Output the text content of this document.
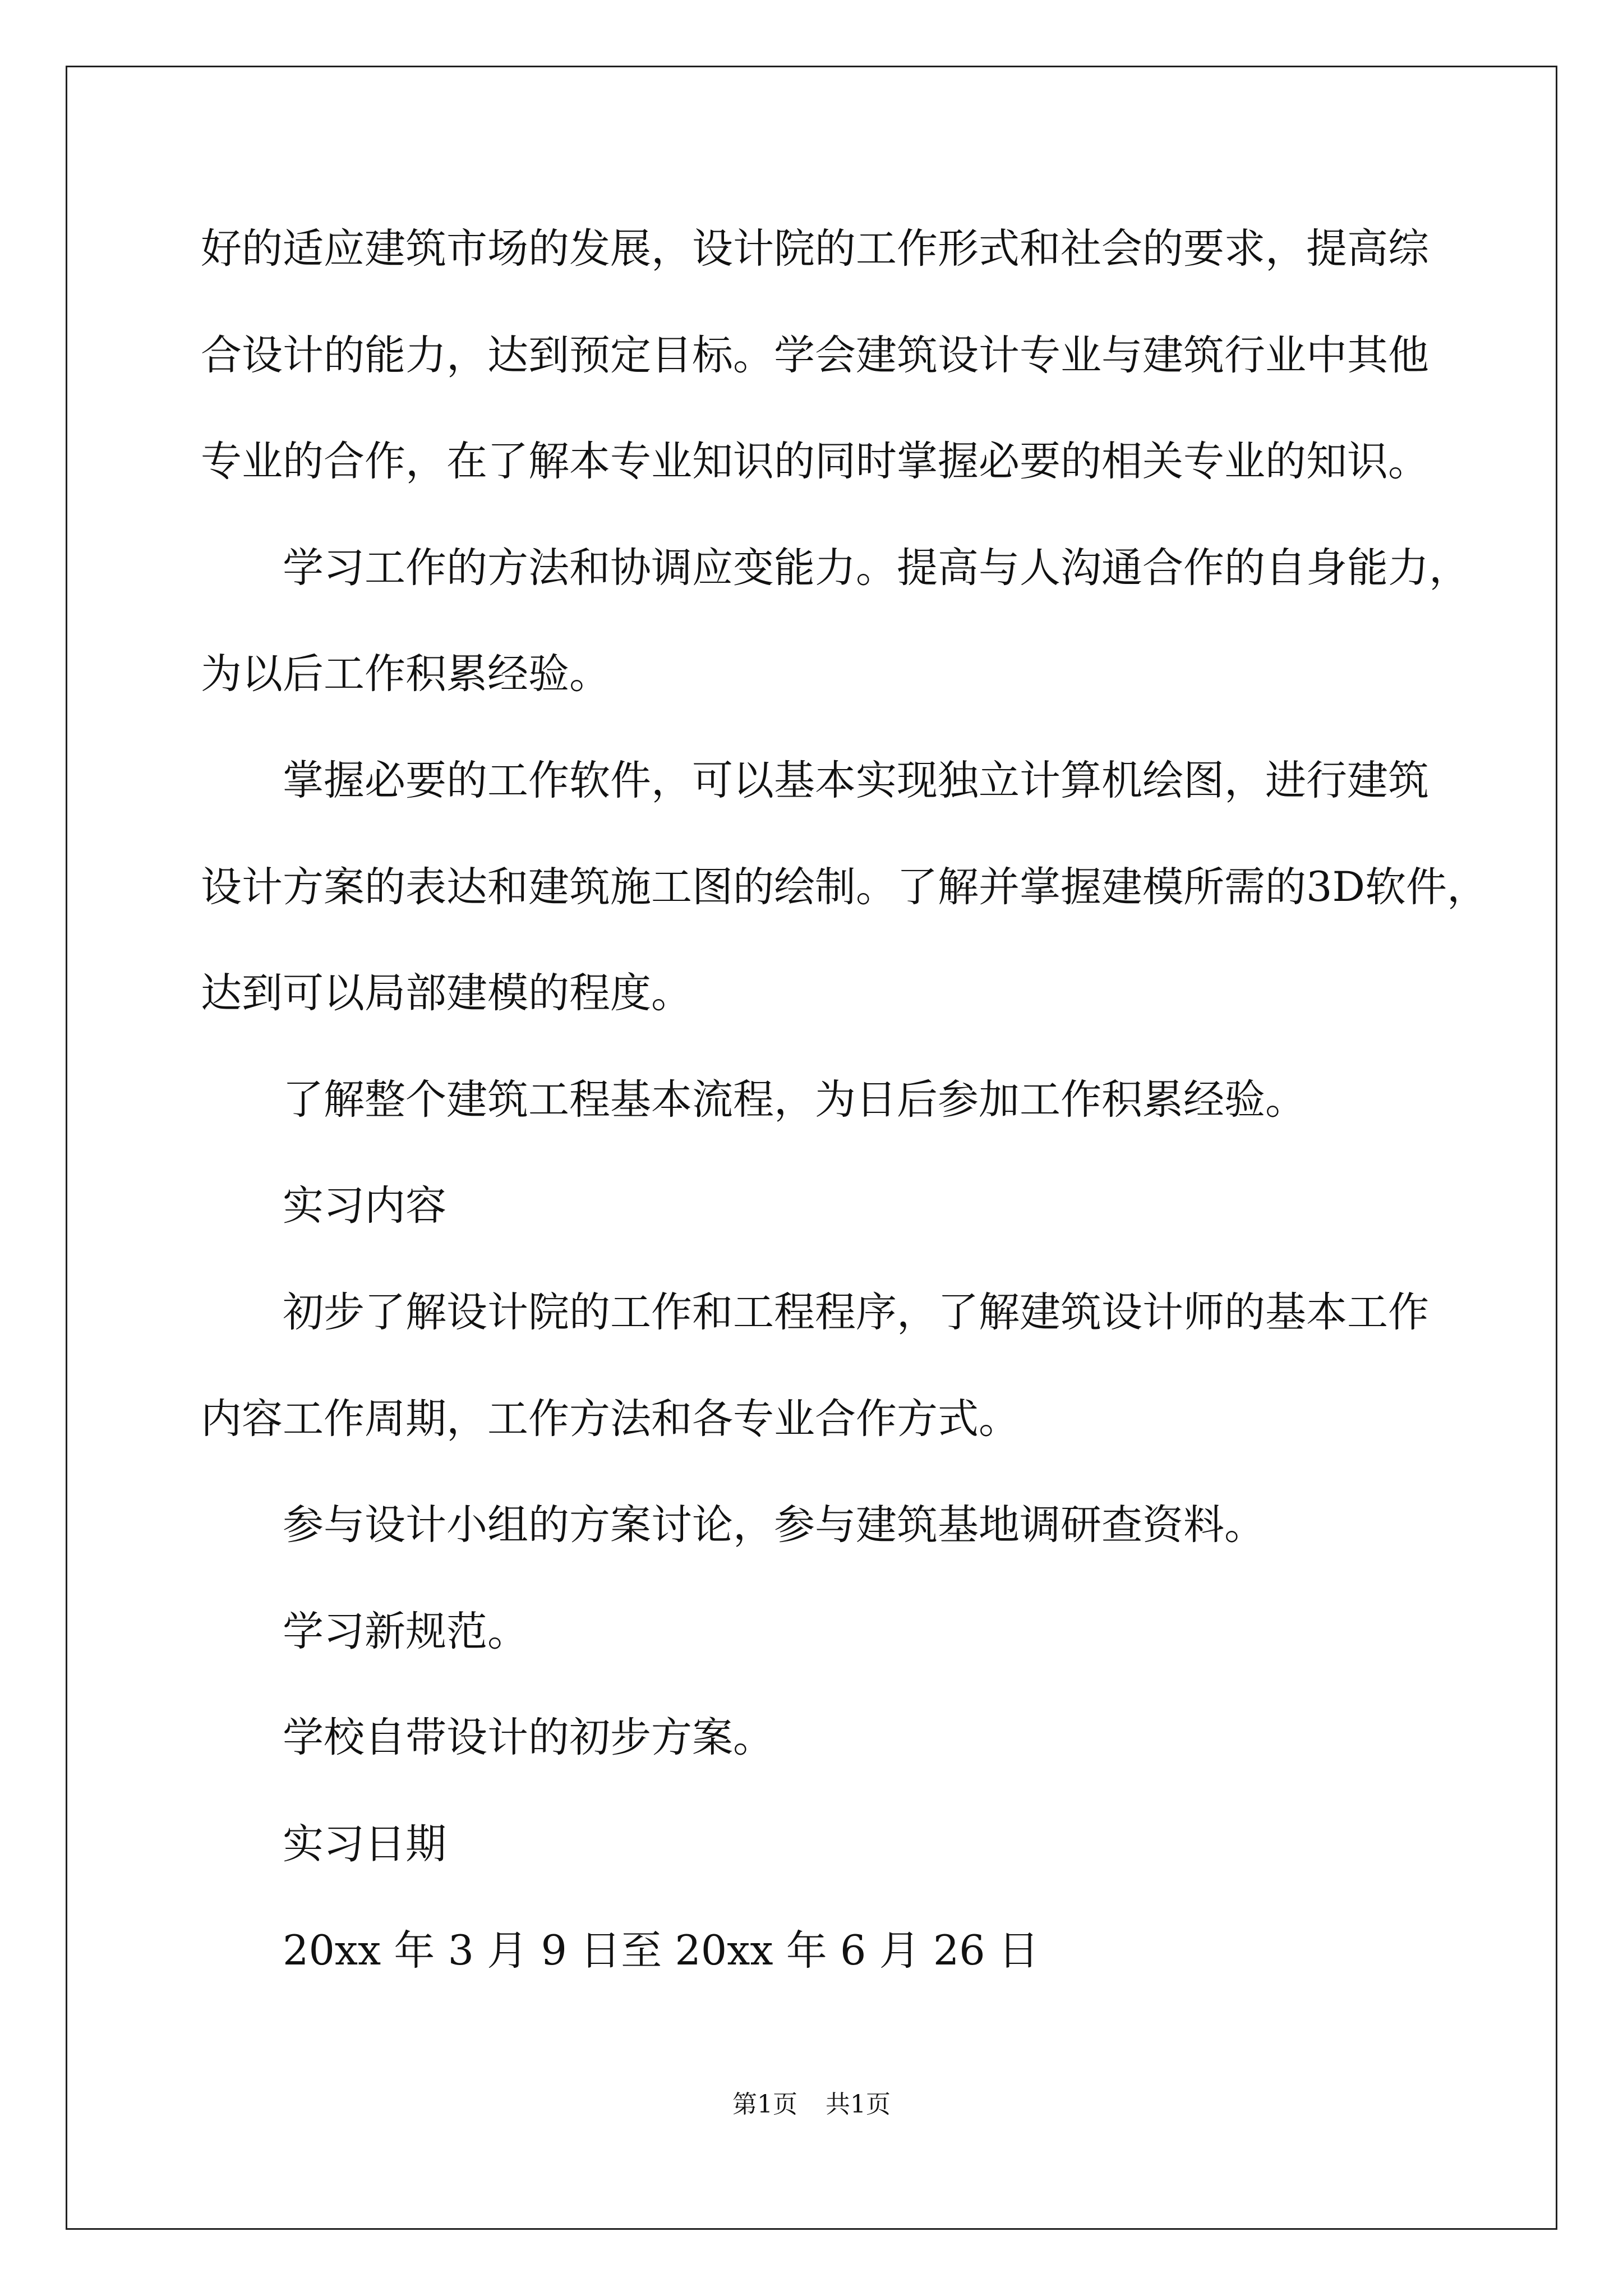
好的适应建筑市场的发展，设计院的工作形式和社会的要求，提高综
合设计的能力，达到预定目标。学会建筑设计专业与建筑行业中其他
专业的合作，在了解本专业知识的同时掌握必要的相关专业的知识。
学习工作的方法和协调应变能力。提高与人沟通合作的自身能力，
为以后工作积累经验。
掌握必要的工作软件，可以基本实现独立计算机绘图，进行建筑
设计方案的表达和建筑施工图的绘制。了解并掌握建模所需的3D软件，
达到可以局部建模的程度。
了解整个建筑工程基本流程，为日后参加工作积累经验。
实习内容
初步了解设计院的工作和工程程序，了解建筑设计师的基本工作
内容工作周期，工作方法和各专业合作方式。
参与设计小组的方案讨论，参与建筑基地调研查资料。
学习新规范。
学校自带设计的初步方案。
实习日期
20xx 年 3 月 9 日至 20xx 年 6 月 26 日
第1页 共1页
